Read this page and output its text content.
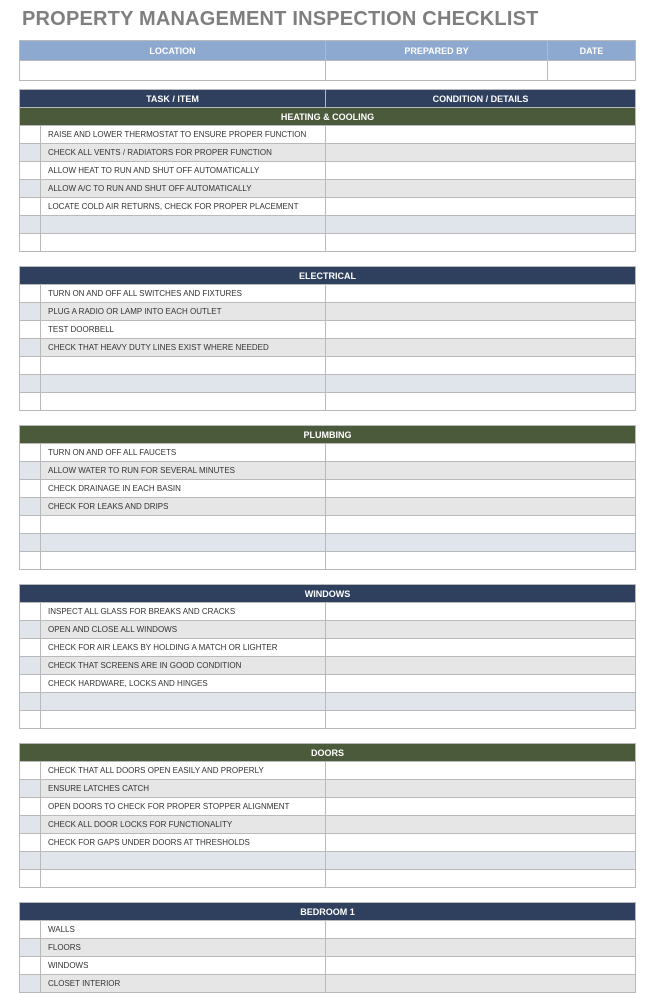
PROPERTY MANAGEMENT INSPECTION CHECKLIST
LOCATION	PREPARED BY	DATE

TASK / ITEM		CONDITION / DETAILS
HEATING & COOLING		
	RAISE AND LOWER THERMOSTAT TO ENSURE PROPER FUNCTION	
	CHECK ALL VENTS / RADIATORS FOR PROPER FUNCTION	
	ALLOW HEAT TO RUN AND SHUT OFF AUTOMATICALLY	
	ALLOW A/C TO RUN AND SHUT OFF AUTOMATICALLY	
	LOCATE COLD AIR RETURNS, CHECK FOR PROPER PLACEMENT	

ELECTRICAL		
	TURN ON AND OFF ALL SWITCHES AND FIXTURES	
	PLUG A RADIO OR LAMP INTO EACH OUTLET	
	TEST DOORBELL	
	CHECK THAT HEAVY DUTY LINES EXIST WHERE NEEDED	

PLUMBING		
	TURN ON AND OFF ALL FAUCETS	
	ALLOW WATER TO RUN FOR SEVERAL MINUTES	
	CHECK DRAINAGE IN EACH BASIN	
	CHECK FOR LEAKS AND DRIPS	

WINDOWS		
	INSPECT ALL GLASS FOR BREAKS AND CRACKS	
	OPEN AND CLOSE ALL WINDOWS	
	CHECK FOR AIR LEAKS BY HOLDING A MATCH OR LIGHTER	
	CHECK THAT SCREENS ARE IN GOOD CONDITION	
	CHECK HARDWARE, LOCKS AND HINGES	

DOORS		
	CHECK THAT ALL DOORS OPEN EASILY AND PROPERLY	
	ENSURE LATCHES CATCH	
	OPEN DOORS TO CHECK FOR PROPER STOPPER ALIGNMENT	
	CHECK ALL DOOR LOCKS FOR FUNCTIONALITY	
	CHECK FOR GAPS UNDER DOORS AT THRESHOLDS	

BEDROOM 1		
	WALLS	
	FLOORS	
	WINDOWS	
	CLOSET INTERIOR	
